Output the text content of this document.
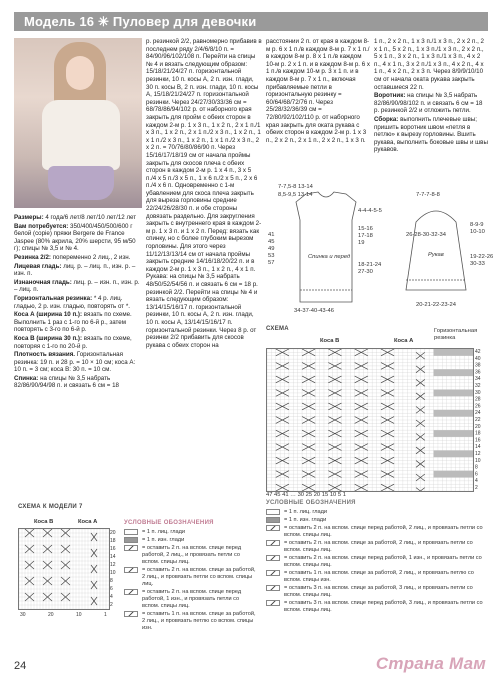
Модель 16 ✳ Пуловер для девочки

Размеры: 4 года/6 лет/8 лет/10 лет/12 лет

Вам потребуется: 350/400/450/500/600 г белой (copie) пряжи Bergere de France Jaspee (80% акрила, 20% шерсти, 95 м/50 г); спицы № 3,5 и № 4.

Резинка 2/2: попеременно 2 лиц., 2 изн.

Лицевая гладь: лиц. р. – лиц. п., изн. р. – изн. п.

Изнаночная гладь: лиц. р. – изн. п., изн. р. – лиц. п.

Горизонтальная резинка: * 4 р. лиц. гладью, 2 р. изн. гладью, повторять от *.

Коса А (ширина 10 п.): вязать по схеме. Выполнить 1 раз с 1-го по 6-й р., затем повторять с 3-го по 6-й р.

Коса В (ширина 30 п.): вязать по схеме, повторяя с 1-го по 20-й р.

Плотность вязания. Горизонтальная резинка: 19 п. и 28 р. = 10 × 10 см; коса А: 10 п. = 3 см; коса В: 30 п. = 10 см.

Спинка: на спицы № 3,5 набрать 82/86/90/94/98 п. и связать 6 см = 18

р. резинкой 2/2, равномерно прибавив в последнем ряду 2/4/6/8/10 п. = 84/90/96/102/108 п. Перейти на спицы № 4 и вязать следующим образом: 15/18/21/24/27 п. горизонтальной резинки, 10 п. косы А, 2 п. изн. глади, 30 п. косы В, 2 п. изн. глади, 10 п. косы А, 15/18/21/24/27 п. горизонтальной резинки. Через 24/27/30/33/36 см = 68/78/86/94/102 р. от наборного края закрыть для пройм с обеих сторон в каждом 2-м р. 1 х 3 п., 1 х 2 п., 2 х 1 п./1 х 3 п., 1 х 2 п., 2 х 1 п./2 х 3 п., 1 х 2 п., 1 х 1 п./2 х 3 п., 1 х 2 п., 1 х 1 п./2 х 3 п., 2 х 2 п. = 70/76/80/86/90 п. Через 15/16/17/18/19 см от начала проймы закрыть для скосов плеча с обеих сторон в каждом 2-м р. 1 х 4 п., 3 х 5 п./4 х 5 п./3 х 5 п., 1 х 6 п./2 х 5 п., 2 х 6 п./4 х 6 п. Одновременно с 1-м убавлением для скоса плеча закрыть для выреза горловины средние 22/24/26/28/30 п. и обе стороны довязать раздельно. Для закругления закрыть с внутреннего края в каждом 2-м р. 1 х 3 п. и 1 х 2 п. Перед: вязать как спинку, но с более глубоким вырезом горловины. Для этого через 11/12/13/13/14 см от начала проймы закрыть средние 14/16/18/20/22 п. и в каждом 2-м р. 1 х 3 п., 1 х 2 п., 4 х 1 п. Рукава: на спицы № 3,5 набрать 48/50/52/54/56 п. и связать 6 см = 18 р. резинкой 2/2. Перейти на спицы № 4 и вязать следующим образом: 13/14/15/16/17 п. горизонтальной резинки, 10 п. косы А, 2 п. изн. глади, 10 п. косы А, 13/14/15/16/17 п. горизонтальной резинки. Через 8 р. от резинки 2/2 прибавить для скосов рукава с обеих сторон на

расстоянии 2 п. от края в каждом 8-м р. 6 х 1 п./в каждом 8-м р. 7 х 1 п./в каждом 8-м р. 8 х 1 п./в каждом 10-м р. 2 х 1 п. и в каждом 8-м р. 6 х 1 п./в каждом 10-м р. 3 х 1 п. и в каждом 8-м р. 7 х 1 п., включая прибавляемые петли в горизонтальную резинку = 60/64/68/72/76 п. Через 25/28/32/36/39 см = 72/80/92/102/110 р. от наборного края закрыть для оката рукава с обеих сторон в каждом 2-м р. 1 х 3 п., 2 х 2 п., 2 х 1 п., 2 х 2 п., 1 х 3 п.

1 п., 2 х 2 п., 1 х 3 п./1 х 3 п., 2 х 2 п., 2 х 1 п., 5 х 2 п., 1 х 3 п./1 х 3 п., 2 х 2 п., 5 х 1 п., 3 х 2 п., 1 х 3 п./1 х 3 п., 4 х 2 п., 4 х 1 п., 3 х 2 п./1 х 3 п., 4 х 2 п., 4 х 1 п., 4 х 2 п., 2 х 3 п. Через 8/9/9/10/10 см от начала оката рукава закрыть оставшиеся 22 п.

Воротник: на спицы № 3,5 набрать 82/86/90/98/102 п. и связать 6 см = 18 р. резинкой 2/2 и отложить петли.

Сборка: выполнить плечевые швы; пришить воротник швом «петля в петлю» к вырезу горловины. Вшить рукава, выполнить боковые швы и швы рукавов.

7-7,5-8 13-14
8,5-9,5 13-14
4-4-4-5-5
41
45
49
53
57
Спинка и перед
15-16
17-18
19
18-21-24
27-30
34-37-40-43-46
7-7-7-8-8
26-28-30-32-34
Рукав
8-9-9
10-10
19-22-26
30-33
20-21-22-23-24
СХЕМА
Коса B	Коса А
Горизонтальная резинка
42
40
38
36
34
32
30
28
26
24
22
20
18
16
14
12
10
8
6
4
2
47 45 41 … 30 25 20 15 10 5 1
СХЕМА К МОДЕЛИ 7
Коса B	Коса А
20
18
16
14
12
10
8
6
4
2
30	20	10	1
УСЛОВНЫЕ ОБОЗНАЧЕНИЯ
= 1 п. лиц. глади
= 1 п. изн. глади
= оставить 2 п. на вспом. спице перед работой, 2 лиц., и провязать петли со вспом. спицы лиц.
= оставить 2 п. на вспом. спице за работой, 2 лиц., и провязать петли со вспом. спицы лиц.
= оставить 2 п. на вспом. спице перед работой, 1 изн., и провязать петли со вспом. спицы лиц.
= оставить 1 п. на вспом. спице за работой, 2 лиц., и провязать петлю со вспом. спицы изн.
УСЛОВНЫЕ ОБОЗНАЧЕНИЯ
= 1 п. лиц. глади
= 1 п. изн. глади
= оставить 2 п. на вспом. спице перед работой, 2 лиц., и провязать петли со вспом. спицы лиц.
= оставить 2 п. на вспом. спице за работой, 2 лиц., и провязать петли со вспом. спицы лиц.
= оставить 2 п. на вспом. спице перед работой, 1 изн., и провязать петли со вспом. спицы лиц.
= оставить 1 п. на вспом. спице за работой, 2 лиц., и провязать петлю со вспом. спицы изн.
= оставить 3 п. на вспом. спице за работой, 3 лиц., и провязать петли со вспом. спицы лиц.
= оставить 3 п. на вспом. спице перед работой, 3 лиц., и провязать петли со вспом. спицы лиц.
24	Страна Мам
